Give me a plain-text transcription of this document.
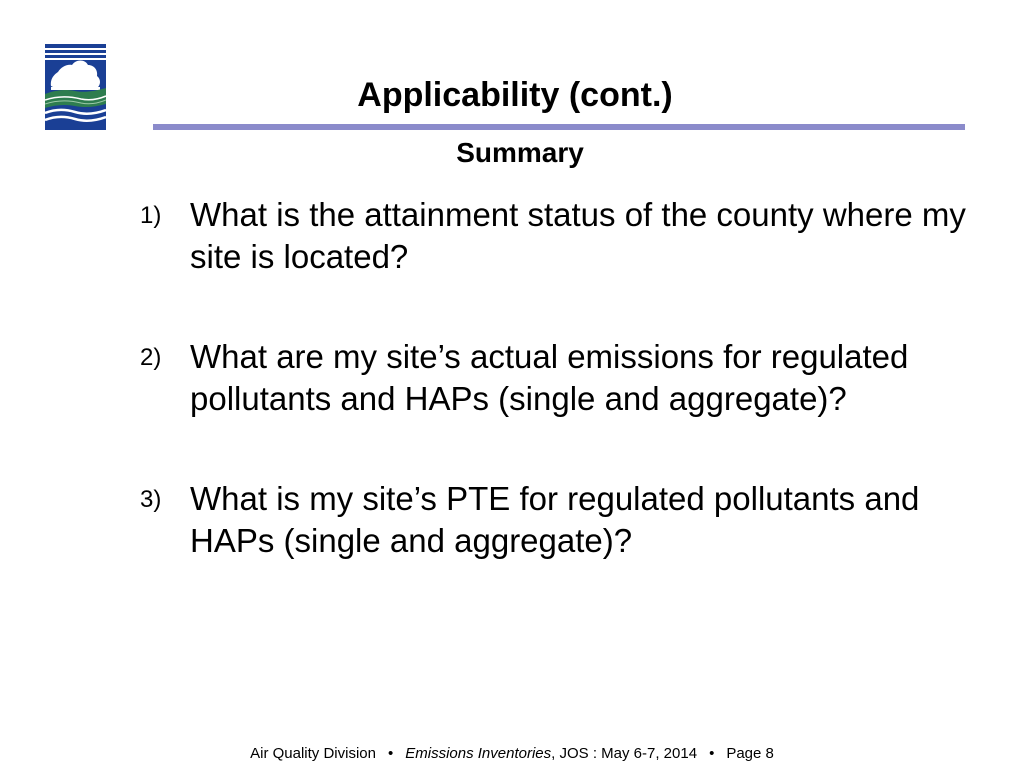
Applicability (cont.)
Summary
1) What is the attainment status of the county where my site is located?
2) What are my site’s actual emissions for regulated pollutants and HAPs (single and aggregate)?
3) What is my site’s PTE for regulated pollutants and HAPs (single and aggregate)?
Air Quality Division • Emissions Inventories, JOS : May 6-7, 2014 • Page 8
